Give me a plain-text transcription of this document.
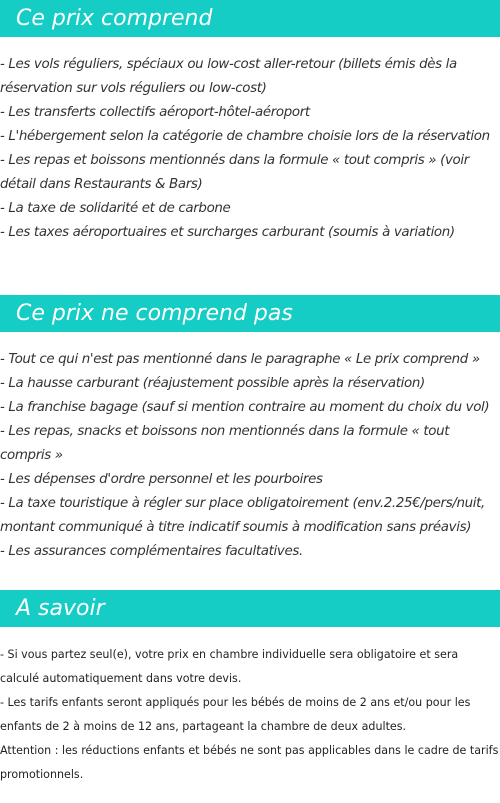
Ce prix comprend
- Les vols réguliers, spéciaux ou low-cost aller-retour (billets émis dès la réservation sur vols réguliers ou low-cost)
- Les transferts collectifs aéroport-hôtel-aéroport
- L'hébergement selon la catégorie de chambre choisie lors de la réservation
- Les repas et boissons mentionnés dans la formule « tout compris » (voir détail dans Restaurants & Bars)
- La taxe de solidarité et de carbone
- Les taxes aéroportuaires et surcharges carburant (soumis à variation)
Ce prix ne comprend pas
- Tout ce qui n'est pas mentionné dans le paragraphe « Le prix comprend »
- La hausse carburant (réajustement possible après la réservation)
- La franchise bagage (sauf si mention contraire au moment du choix du vol)
- Les repas, snacks et boissons non mentionnés dans la formule « tout compris »
- Les dépenses d'ordre personnel et les pourboires
- La taxe touristique à régler sur place obligatoirement (env.2.25€/pers/nuit, montant communiqué à titre indicatif soumis à modification sans préavis)
- Les assurances complémentaires facultatives.
A savoir
- Si vous partez seul(e), votre prix en chambre individuelle sera obligatoire et sera calculé automatiquement dans votre devis.
- Les tarifs enfants seront appliqués pour les bébés de moins de 2 ans et/ou pour les enfants de 2 à moins de 12 ans, partageant la chambre de deux adultes.
Attention : les réductions enfants et bébés ne sont pas applicables dans le cadre de tarifs promotionnels.
